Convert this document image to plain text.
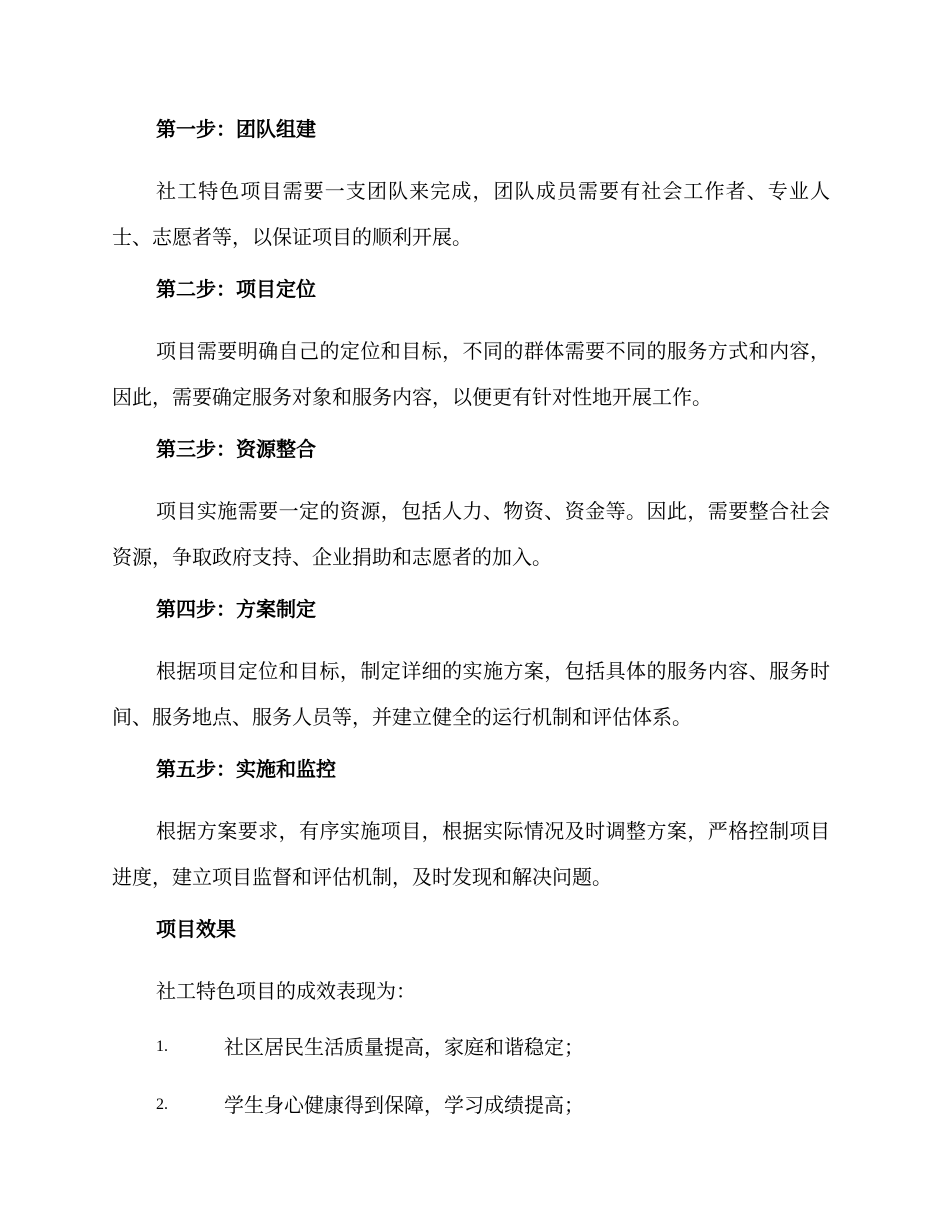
第一步：团队组建

社工特色项目需要一支团队来完成，团队成员需要有社会工作者、专业人士、志愿者等，以保证项目的顺利开展。

第二步：项目定位

项目需要明确自己的定位和目标，不同的群体需要不同的服务方式和内容，因此，需要确定服务对象和服务内容，以便更有针对性地开展工作。

第三步：资源整合

项目实施需要一定的资源，包括人力、物资、资金等。因此，需要整合社会资源，争取政府支持、企业捐助和志愿者的加入。

第四步：方案制定

根据项目定位和目标，制定详细的实施方案，包括具体的服务内容、服务时间、服务地点、服务人员等，并建立健全的运行机制和评估体系。

第五步：实施和监控

根据方案要求，有序实施项目，根据实际情况及时调整方案，严格控制项目进度，建立项目监督和评估机制，及时发现和解决问题。

项目效果

社工特色项目的成效表现为：

1.	社区居民生活质量提高，家庭和谐稳定；
2.	学生身心健康得到保障，学习成绩提高；
